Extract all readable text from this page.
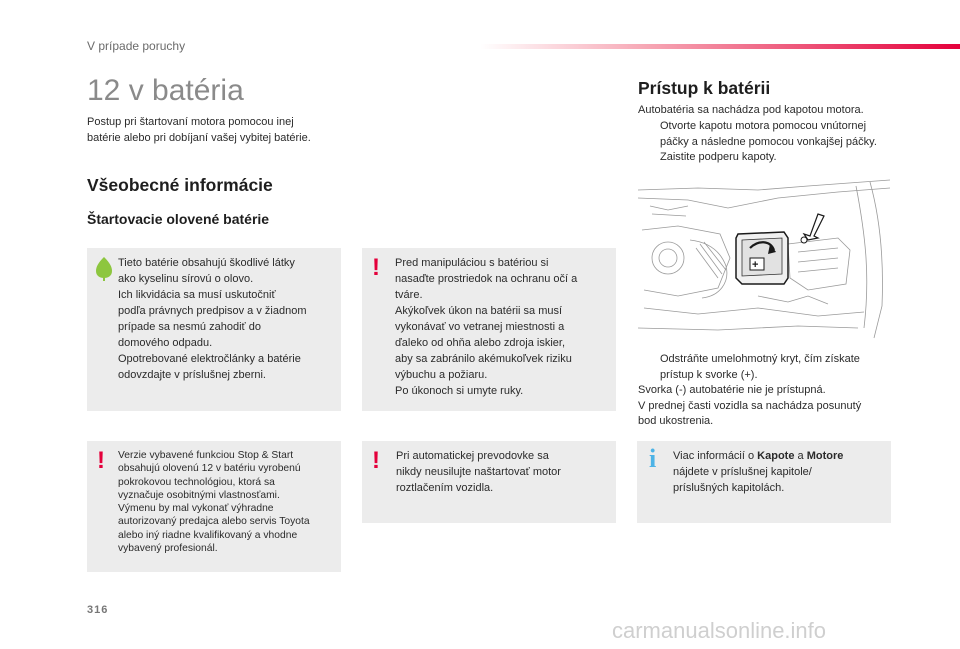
V prípade poruchy
12 v batéria

Postup pri štartovaní motora pomocou inej
batérie alebo pri dobíjaní vašej vybitej batérie.

Všeobecné informácie
Štartovacie olovené batérie

Tieto batérie obsahujú škodlivé látky
ako kyselinu sírovú o olovo.
Ich likvidácia sa musí uskutočniť
podľa právnych predpisov a v žiadnom
prípade sa nesmú zahodiť do
domového odpadu.
Opotrebované elektročlánky a batérie
odovzdajte v príslušnej zberni.

! Pred manipuláciou s batériou si
nasaďte prostriedok na ochranu očí a
tváre.
Akýkoľvek úkon na batérii sa musí
vykonávať vo vetranej miestnosti a
ďaleko od ohňa alebo zdroja iskier,
aby sa zabránilo akémukoľvek riziku
výbuchu a požiaru.
Po úkonoch si umyte ruky.

! Verzie vybavené funkciou Stop & Start
obsahujú olovenú 12 v batériu vyrobenú
pokrokovou technológiou, ktorá sa
vyznačuje osobitnými vlastnosťami.
Výmenu by mal vykonať výhradne
autorizovaný predajca alebo servis Toyota
alebo iný riadne kvalifikovaný a vhodne
vybavený profesionál.

! Pri automatickej prevodovke sa
nikdy neusilujte naštartovať motor
roztlačením vozidla.

Prístup k batérii

Autobatéria sa nachádza pod kapotou motora.

Otvorte kapotu motora pomocou vnútornej
páčky a následne pomocou vonkajšej páčky.
Zaistite podperu kapoty.
+
Odstráňte umelohmotný kryt, čím získate
prístup k svorke (+).

Svorka (-) autobatérie nie je prístupná.
V prednej časti vozidla sa nachádza posunutý
bod ukostrenia.

i Viac informácií o Kapote a Motore
nájdete v príslušnej kapitole/
príslušných kapitolách.

316
carmanualsonline.info
